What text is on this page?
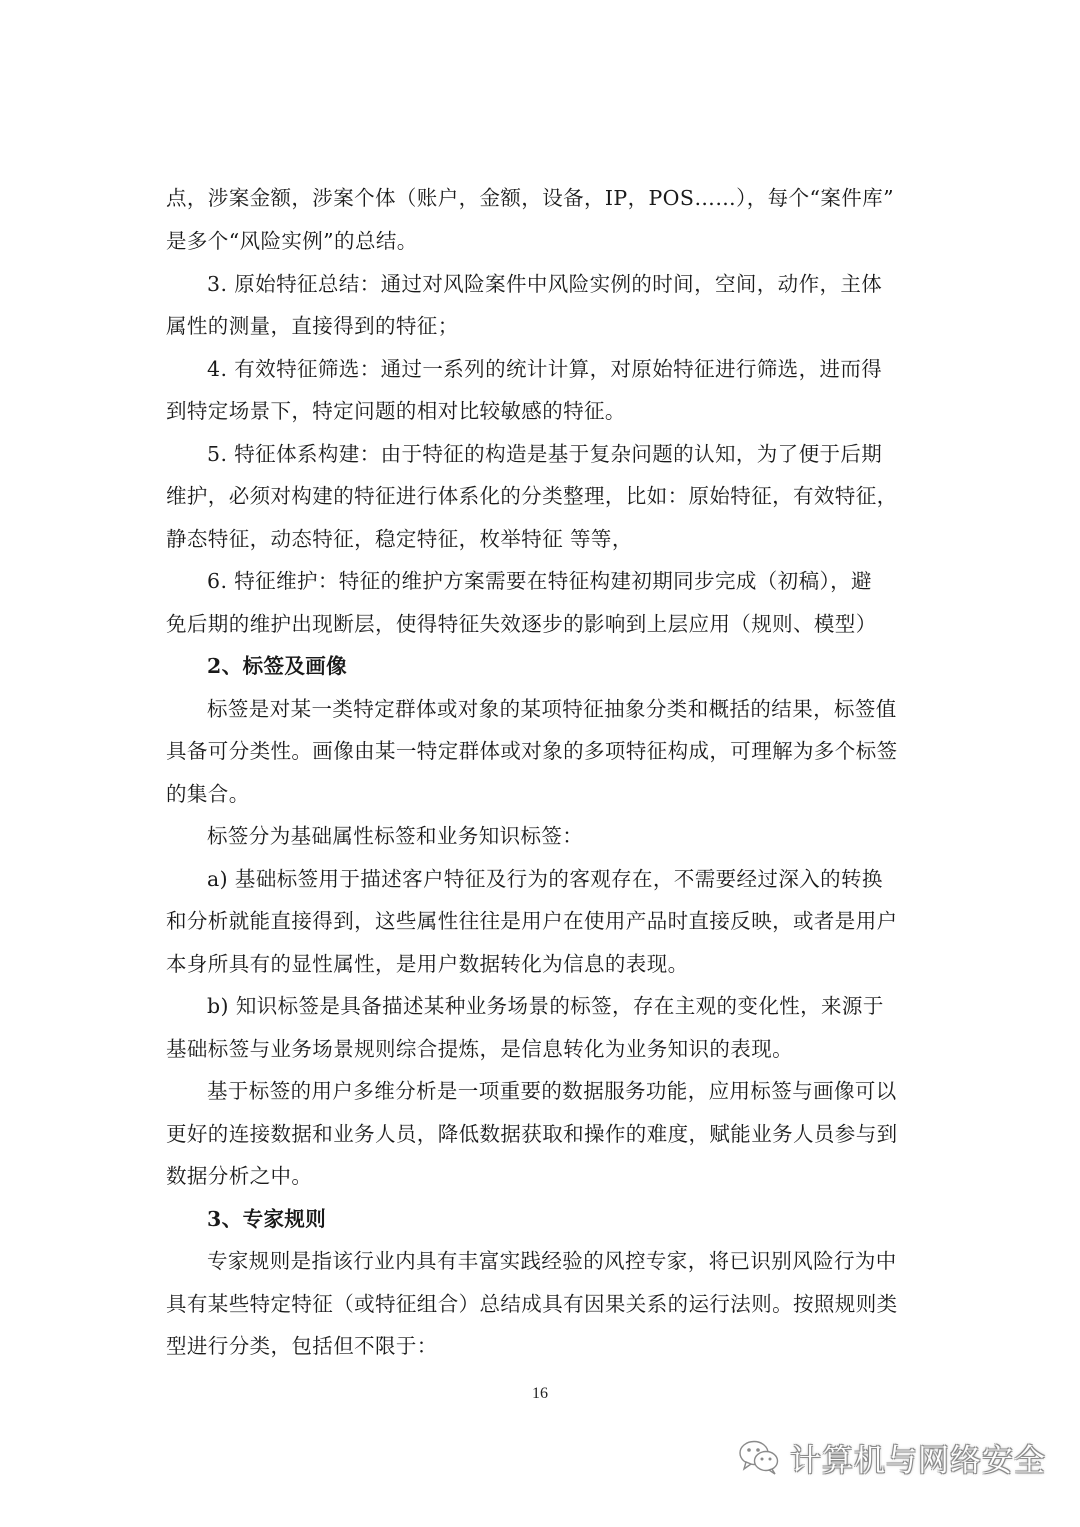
点，涉案金额，涉案个体（账户，金额，设备，IP，POS……），每个“案件库”
是多个“风险实例”的总结。
3. 原始特征总结：通过对风险案件中风险实例的时间，空间，动作，主体
属性的测量，直接得到的特征；
4. 有效特征筛选：通过一系列的统计计算，对原始特征进行筛选，进而得
到特定场景下，特定问题的相对比较敏感的特征。
5. 特征体系构建：由于特征的构造是基于复杂问题的认知，为了便于后期
维护，必须对构建的特征进行体系化的分类整理，比如：原始特征，有效特征，
静态特征，动态特征，稳定特征，枚举特征 等等，
6. 特征维护：特征的维护方案需要在特征构建初期同步完成（初稿），避
免后期的维护出现断层，使得特征失效逐步的影响到上层应用（规则、模型）
2、标签及画像
标签是对某一类特定群体或对象的某项特征抽象分类和概括的结果，标签值
具备可分类性。画像由某一特定群体或对象的多项特征构成，可理解为多个标签
的集合。
标签分为基础属性标签和业务知识标签：
a) 基础标签用于描述客户特征及行为的客观存在，不需要经过深入的转换
和分析就能直接得到，这些属性往往是用户在使用产品时直接反映，或者是用户
本身所具有的显性属性，是用户数据转化为信息的表现。
b) 知识标签是具备描述某种业务场景的标签，存在主观的变化性，来源于
基础标签与业务场景规则综合提炼，是信息转化为业务知识的表现。
基于标签的用户多维分析是一项重要的数据服务功能，应用标签与画像可以
更好的连接数据和业务人员，降低数据获取和操作的难度，赋能业务人员参与到
数据分析之中。
3、专家规则
专家规则是指该行业内具有丰富实践经验的风控专家，将已识别风险行为中
具有某些特定特征（或特征组合）总结成具有因果关系的运行法则。按照规则类
型进行分类，包括但不限于：
16
计算机与网络安全
